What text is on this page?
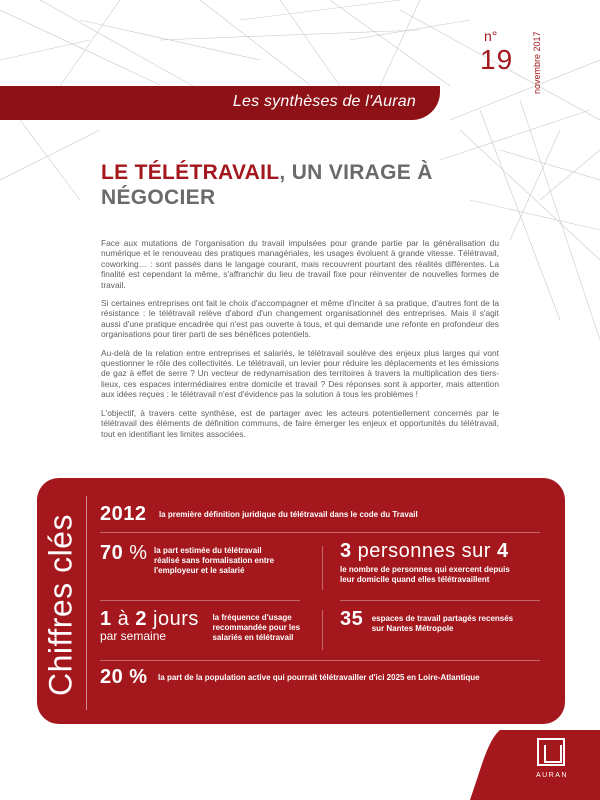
n°
19 novembre 2017
Les synthèses de l'Auran
LE TÉLÉTRAVAIL, UN VIRAGE À NÉGOCIER

Face aux mutations de l'organisation du travail impulsées pour grande partie par la généralisation du numérique et le renouveau des pratiques managériales, les usages évoluent à grande vitesse. Télétravail, coworking… : sont passés dans le langage courant, mais recouvrent pourtant des réalités différentes. La finalité est cependant la même, s'affranchir du lieu de travail fixe pour réinventer de nouvelles formes de travail.

Si certaines entreprises ont fait le choix d'accompagner et même d'inciter à sa pratique, d'autres font de la résistance : le télétravail relève d'abord d'un changement organisationnel des entreprises. Mais il s'agit aussi d'une pratique encadrée qui n'est pas ouverte à tous, et qui demande une refonte en profondeur des organisations pour tirer parti de ses bénéfices potentiels.

Au-delà de la relation entre entreprises et salariés, le télétravail soulève des enjeux plus larges qui vont questionner le rôle des collectivités. Le télétravail, un levier pour réduire les déplacements et les émissions de gaz à effet de serre ? Un vecteur de redynamisation des territoires à travers la multiplication des tiers-lieux, ces espaces intermédiaires entre domicile et travail ? Des réponses sont à apporter, mais attention aux idées reçues : le télétravail n'est d'évidence pas la solution à tous les problèmes !

L'objectif, à travers cette synthèse, est de partager avec les acteurs potentiellement concernés par le télétravail des éléments de définition communs, de faire émerger les enjeux et opportunités du télétravail, tout en identifiant les limites associées.

Chiffres clés
2012 la première définition juridique du télétravail dans le code du Travail
70 % la part estimée du télétravail réalisé sans formalisation entre l'employeur et le salarié
3 personnes sur 4
le nombre de personnes qui exercent depuis leur domicile quand elles télétravaillent
1 à 2 jours
par semaine
la fréquence d'usage recommandée pour les salariés en télétravail
35 espaces de travail partagés recensés sur Nantes Métropole
20 % la part de la population active qui pourrait télétravailler d'ici 2025 en Loire-Atlantique
AURAN
